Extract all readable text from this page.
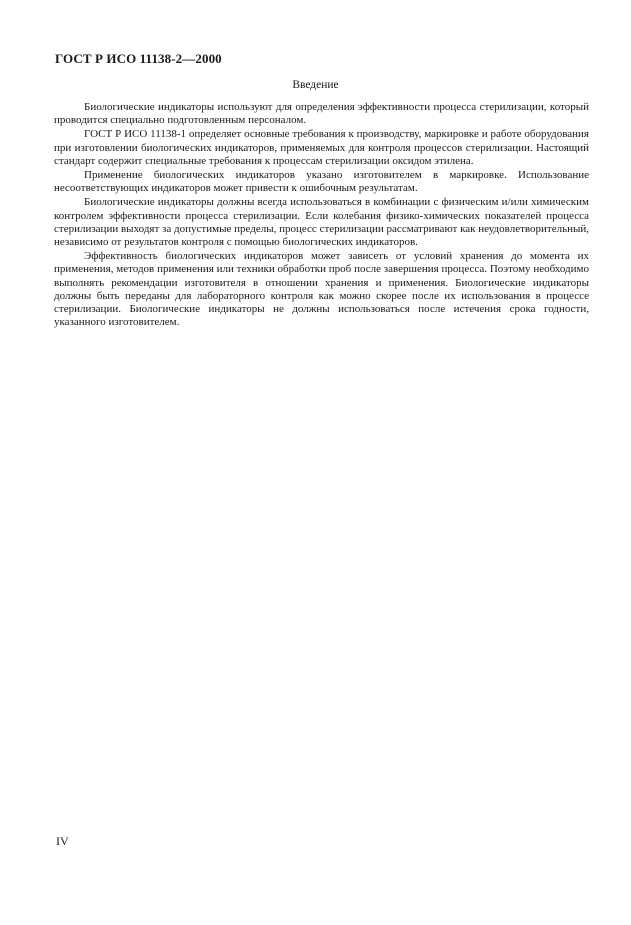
ГОСТ Р ИСО 11138-2—2000
Введение

Биологические индикаторы используют для определения эффективности процесса стерилизации, который проводится специально подготовленным персоналом.

ГОСТ Р ИСО 11138-1 определяет основные требования к производству, маркировке и работе оборудования при изготовлении биологических индикаторов, применяемых для контроля процессов стерилизации. Настоящий стандарт содержит специальные требования к процессам стерилизации оксидом этилена.

Применение биологических индикаторов указано изготовителем в маркировке. Использование несоответствующих индикаторов может привести к ошибочным результатам.

Биологические индикаторы должны всегда использоваться в комбинации с физическим и/или химическим контролем эффективности процесса стерилизации. Если колебания физико-химических показателей процесса стерилизации выходят за допустимые пределы, процесс стерилизации рассматривают как неудовлетворительный, независимо от результатов контроля с помощью биологических индикаторов.

Эффективность биологических индикаторов может зависеть от условий хранения до момента их применения, методов применения или техники обработки проб после завершения процесса. Поэтому необходимо выполнять рекомендации изготовителя в отношении хранения и применения. Биологические индикаторы должны быть переданы для лабораторного контроля как можно скорее после их использования в процессе стерилизации. Биологические индикаторы не должны использоваться после истечения срока годности, указанного изготовителем.

IV
